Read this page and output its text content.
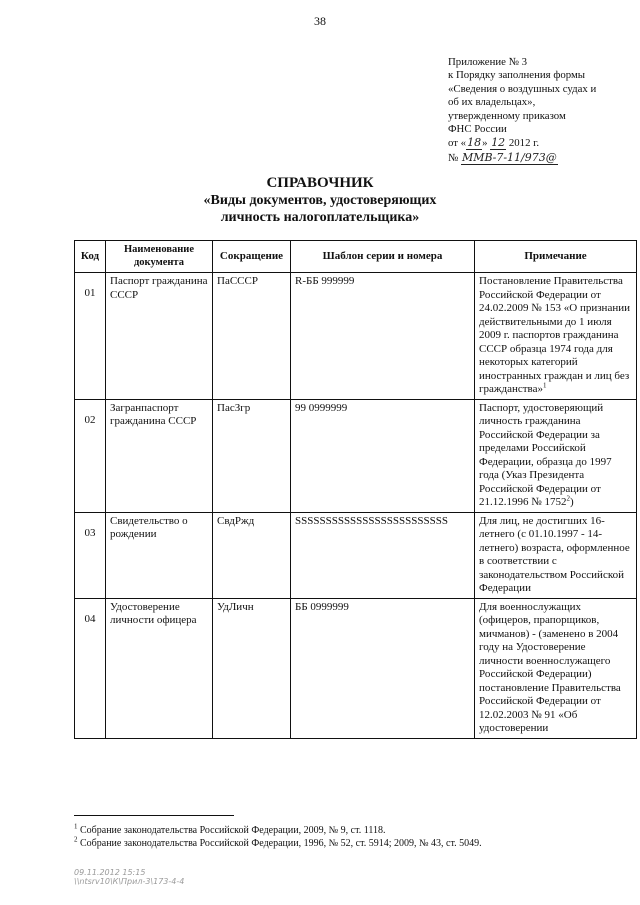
38
Приложение № 3
к Порядку заполнения формы
«Сведения о воздушных судах и
об их владельцах»,
утвержденному приказом
ФНС России
от «18» 12 2012 г.
№ ММВ-7-11/973@
СПРАВОЧНИК
«Виды документов, удостоверяющих
личность налогоплательщика»
Код	Наименование документа	Сокращение	Шаблон серии и номера	Примечание
01	Паспорт гражданина СССР	ПаСССР	R-ББ 999999	Постановление Правительства Российской Федерации от 24.02.2009 № 153 «О признании действительными до 1 июля 2009 г. паспортов гражданина СССР образца 1974 года для некоторых категорий иностранных граждан и лиц без гражданства»$^1$
02	Загранпаспорт гражданина СССР	ПасЗгр	99 0999999	Паспорт, удостоверяющий личность гражданина Российской Федерации за пределами Российской Федерации, образца до 1997 года (Указ Президента Российской Федерации от 21.12.1996 № 1752$^2$)
03	Свидетельство о рождении	СвдРжд	SSSSSSSSSSSSSSSSSSSSSSSSS	Для лиц, не достигших 16-летнего (с 01.10.1997 - 14-летнего) возраста, оформленное в соответствии с законодательством Российской Федерации
04	Удостоверение личности офицера	УдЛичн	ББ 0999999	Для военнослужащих (офицеров, прапорщиков, мичманов) - (заменено в 2004 году на Удостоверение личности военнослужащего Российской Федерации) постановление Правительства Российской Федерации от 12.02.2003 № 91 «Об удостоверении
$^1$ Собрание законодательства Российской Федерации, 2009, № 9, ст. 1118.
$^2$ Собрание законодательства Российской Федерации, 1996, № 52, ст. 5914; 2009, № 43, ст. 5049.
09.11.2012 15:15
\\ntsrv10\К\Прил-3\173-4-4
